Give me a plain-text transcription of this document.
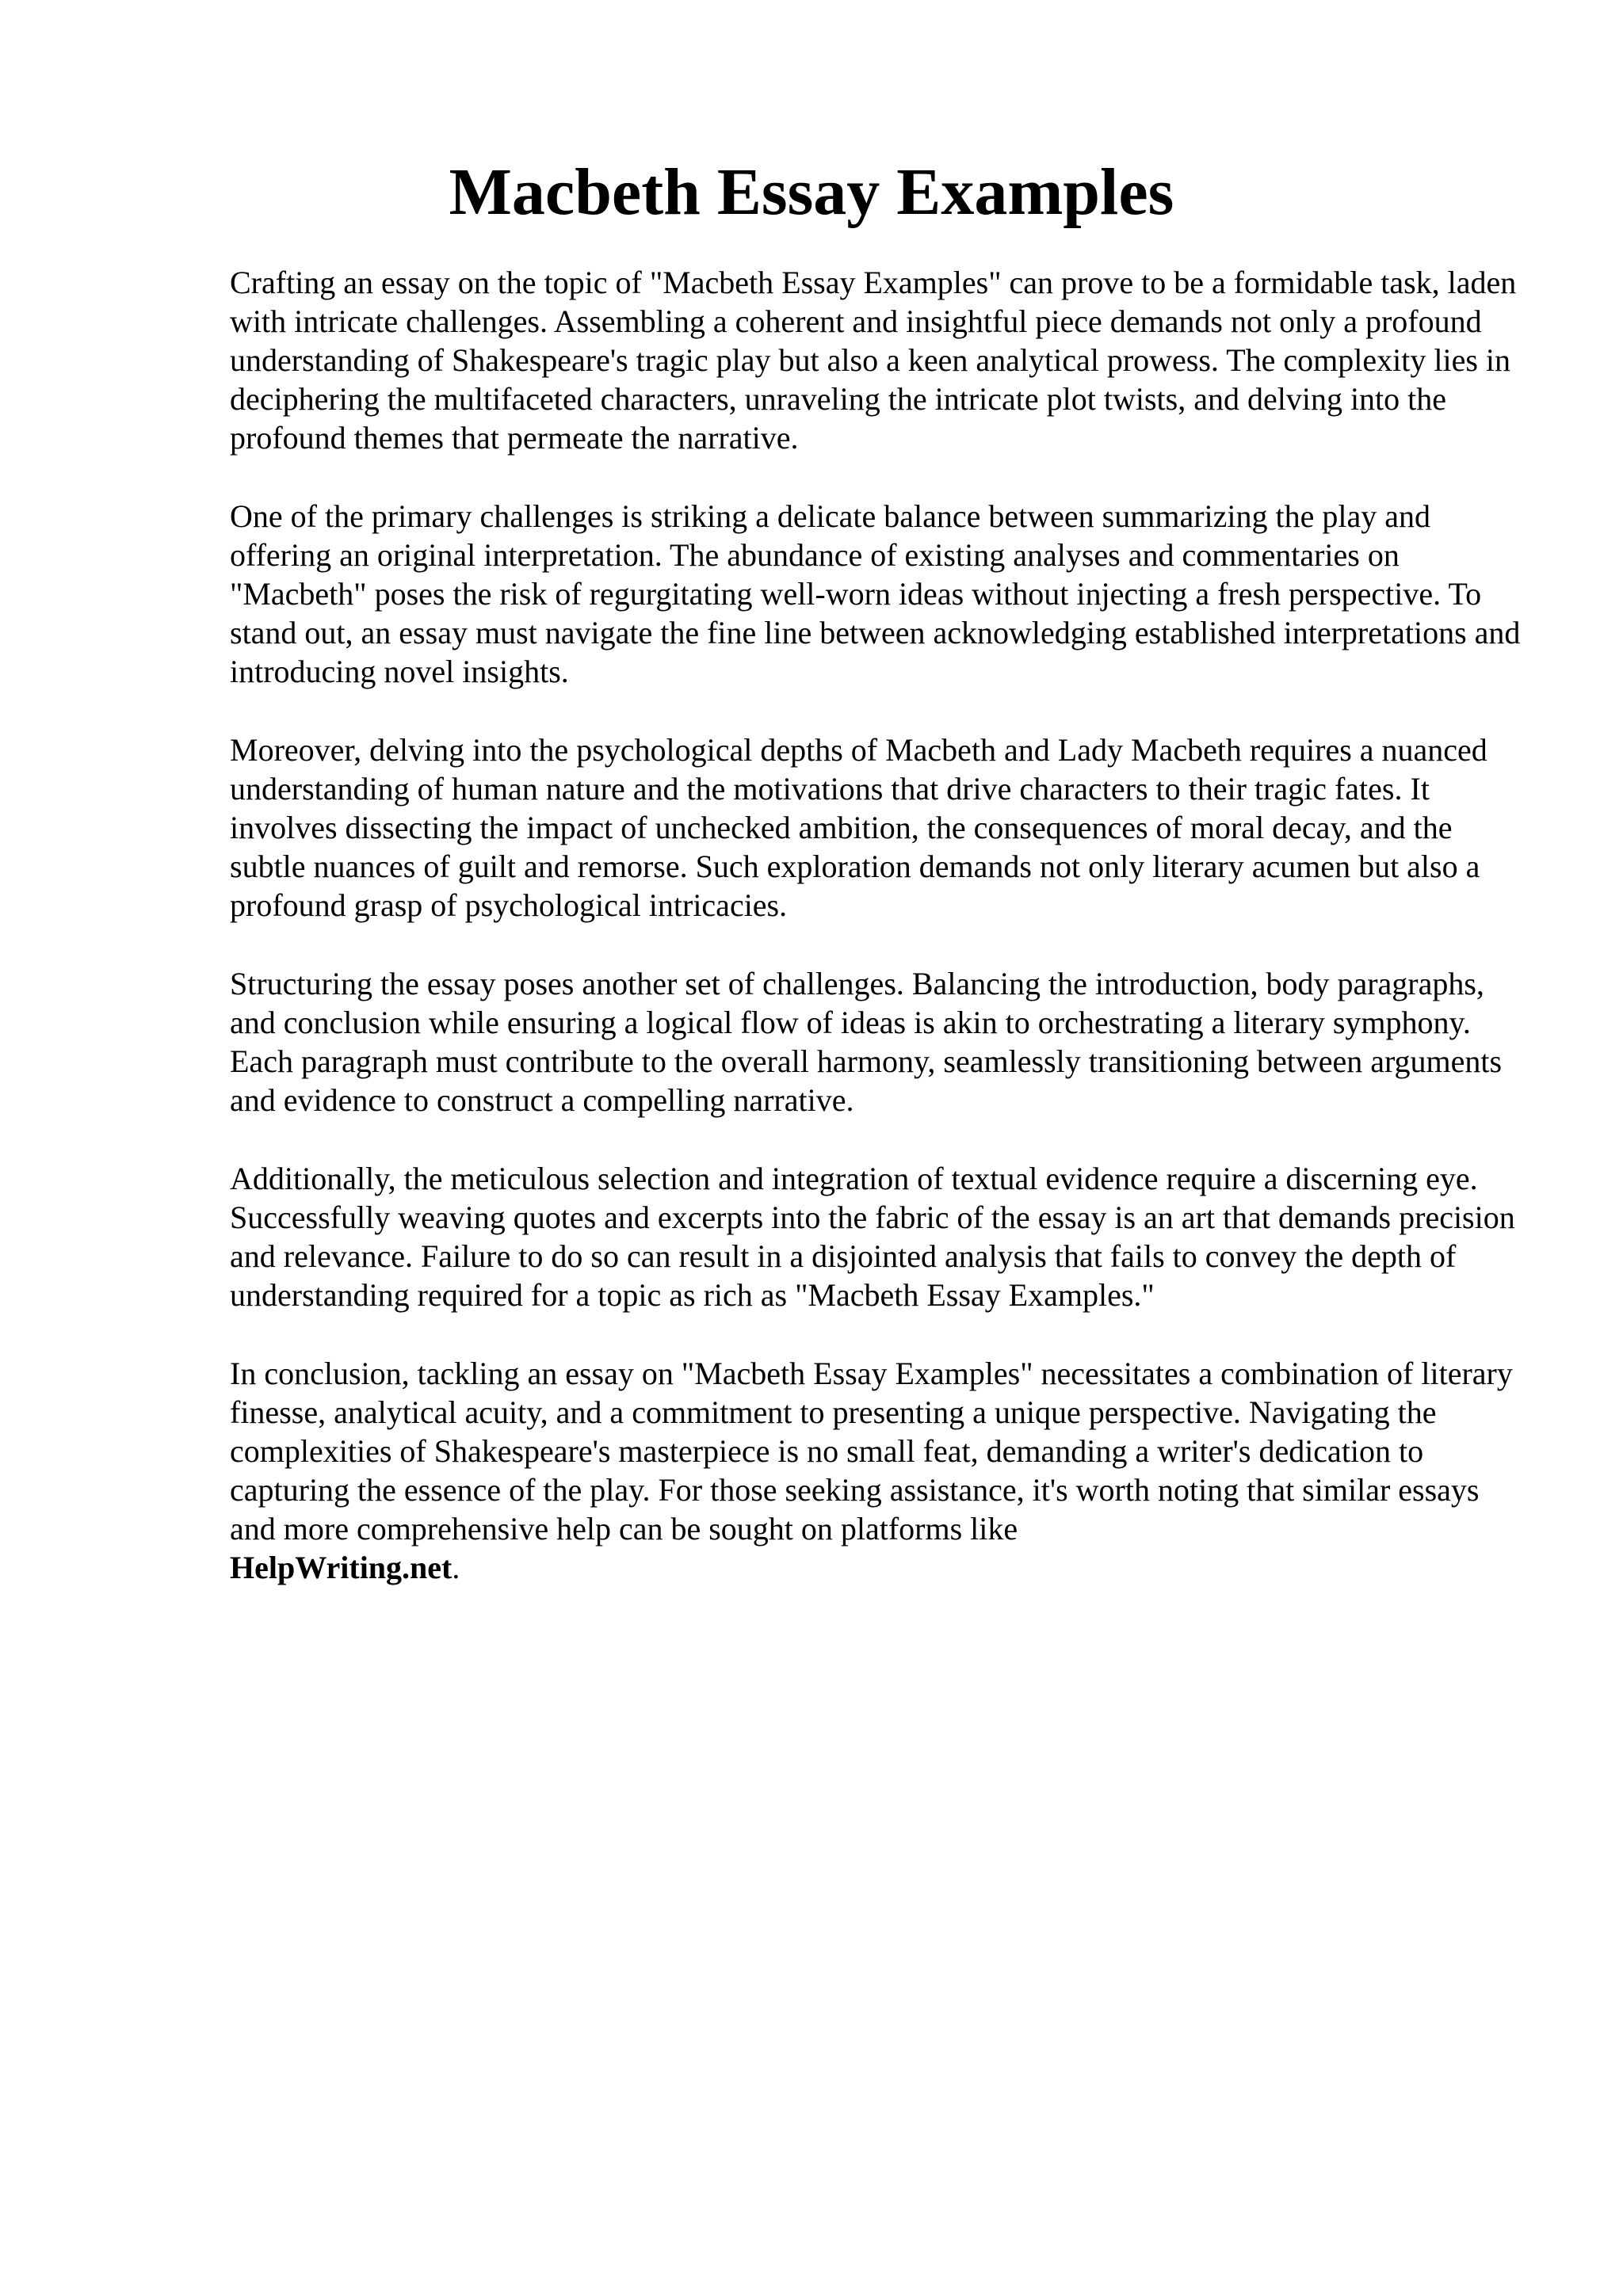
Macbeth Essay Examples

Crafting an essay on the topic of "Macbeth Essay Examples" can prove to be a formidable task, laden with intricate challenges. Assembling a coherent and insightful piece demands not only a profound understanding of Shakespeare's tragic play but also a keen analytical prowess. The complexity lies in deciphering the multifaceted characters, unraveling the intricate plot twists, and delving into the profound themes that permeate the narrative.

One of the primary challenges is striking a delicate balance between summarizing the play and offering an original interpretation. The abundance of existing analyses and commentaries on "Macbeth" poses the risk of regurgitating well-worn ideas without injecting a fresh perspective. To stand out, an essay must navigate the fine line between acknowledging established interpretations and introducing novel insights.

Moreover, delving into the psychological depths of Macbeth and Lady Macbeth requires a nuanced understanding of human nature and the motivations that drive characters to their tragic fates. It involves dissecting the impact of unchecked ambition, the consequences of moral decay, and the subtle nuances of guilt and remorse. Such exploration demands not only literary acumen but also a profound grasp of psychological intricacies.

Structuring the essay poses another set of challenges. Balancing the introduction, body paragraphs, and conclusion while ensuring a logical flow of ideas is akin to orchestrating a literary symphony. Each paragraph must contribute to the overall harmony, seamlessly transitioning between arguments and evidence to construct a compelling narrative.

Additionally, the meticulous selection and integration of textual evidence require a discerning eye. Successfully weaving quotes and excerpts into the fabric of the essay is an art that demands precision and relevance. Failure to do so can result in a disjointed analysis that fails to convey the depth of understanding required for a topic as rich as "Macbeth Essay Examples."

In conclusion, tackling an essay on "Macbeth Essay Examples" necessitates a combination of literary finesse, analytical acuity, and a commitment to presenting a unique perspective. Navigating the complexities of Shakespeare's masterpiece is no small feat, demanding a writer's dedication to capturing the essence of the play. For those seeking assistance, it's worth noting that similar essays and more comprehensive help can be sought on platforms like
HelpWriting.net.
